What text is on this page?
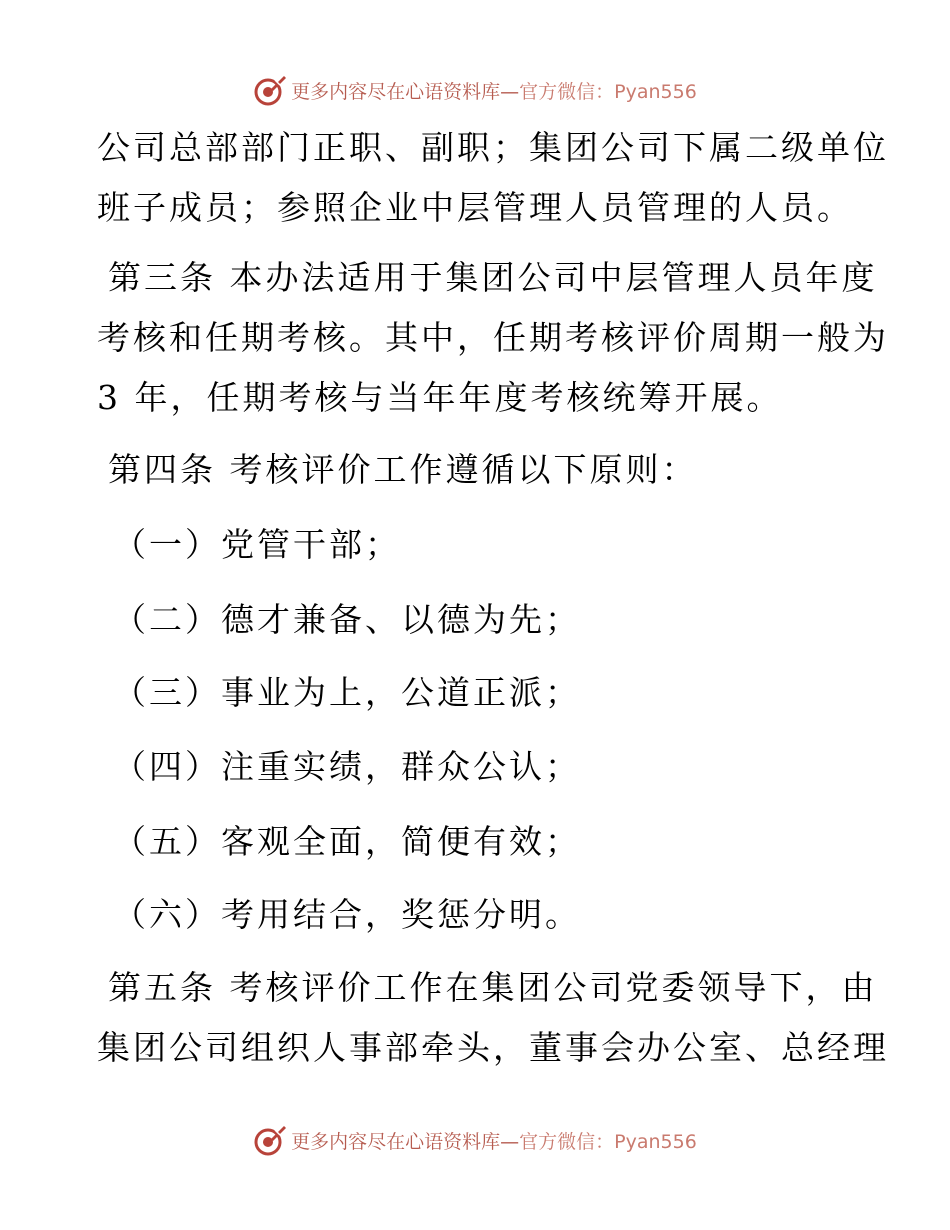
更多内容尽在心语资料库—官方微信：Pyan556
公司总部部门正职、副职；集团公司下属二级单位
班子成员；参照企业中层管理人员管理的人员。
第三条 本办法适用于集团公司中层管理人员年度
考核和任期考核。其中，任期考核评价周期一般为
3 年，任期考核与当年年度考核统筹开展。
第四条 考核评价工作遵循以下原则：
（一）党管干部；
（二）德才兼备、以德为先；
（三）事业为上，公道正派；
（四）注重实绩，群众公认；
（五）客观全面，简便有效；
（六）考用结合，奖惩分明。
第五条 考核评价工作在集团公司党委领导下，由
集团公司组织人事部牵头，董事会办公室、总经理
更多内容尽在心语资料库—官方微信：Pyan556
